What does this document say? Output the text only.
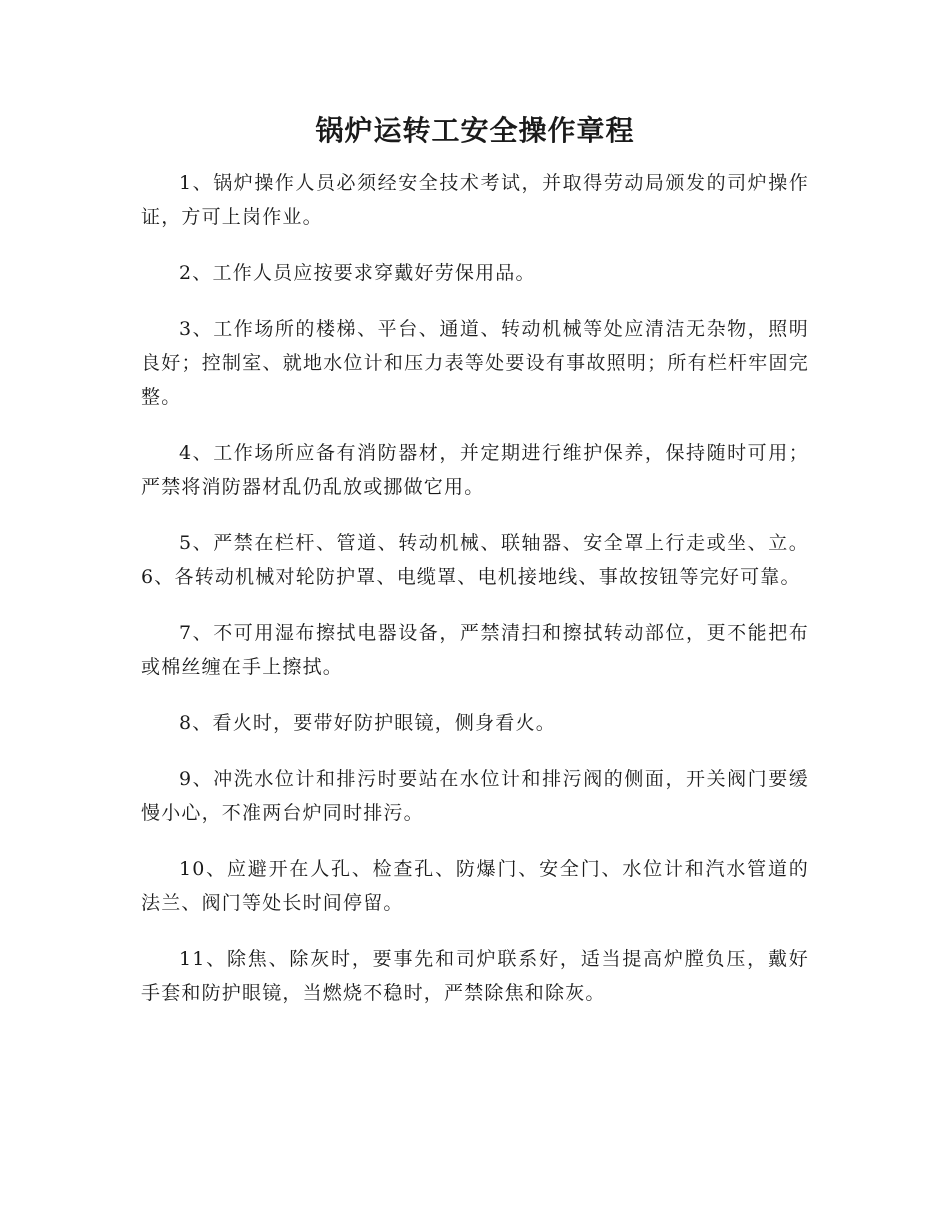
锅炉运转工安全操作章程

1、锅炉操作人员必须经安全技术考试，并取得劳动局颁发的司炉操作证，方可上岗作业。

2、工作人员应按要求穿戴好劳保用品。

3、工作场所的楼梯、平台、通道、转动机械等处应清洁无杂物，照明良好；控制室、就地水位计和压力表等处要设有事故照明；所有栏杆牢固完整。

4、工作场所应备有消防器材，并定期进行维护保养，保持随时可用；严禁将消防器材乱仍乱放或挪做它用。

5、严禁在栏杆、管道、转动机械、联轴器、安全罩上行走或坐、立。6、各转动机械对轮防护罩、电缆罩、电机接地线、事故按钮等完好可靠。

7、不可用湿布擦拭电器设备，严禁清扫和擦拭转动部位，更不能把布或棉丝缠在手上擦拭。

8、看火时，要带好防护眼镜，侧身看火。

9、冲洗水位计和排污时要站在水位计和排污阀的侧面，开关阀门要缓慢小心，不准两台炉同时排污。

10、应避开在人孔、检查孔、防爆门、安全门、水位计和汽水管道的法兰、阀门等处长时间停留。

11、除焦、除灰时，要事先和司炉联系好，适当提高炉膛负压，戴好手套和防护眼镜，当燃烧不稳时，严禁除焦和除灰。
